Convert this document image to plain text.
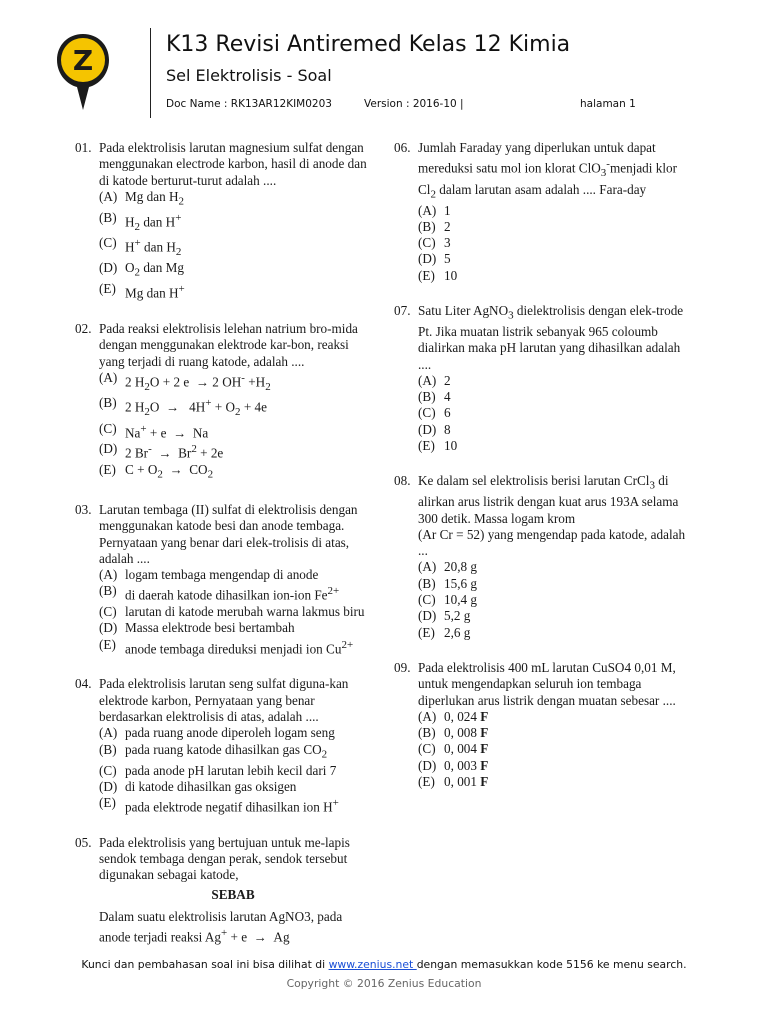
Z	K13 Revisi Antiremed Kelas 12 Kimia
Sel Elektrolisis - Soal
Doc Name : RK13AR12KIM0203	Version : 2016-10 |	halaman 1
01. Pada elektrolisis larutan magnesium sulfat dengan menggunakan electrode karbon, hasil di anode dan di katode berturut-turut adalah ....
(A) Mg dan $H_2$
(B) $H_2$ dan H+
(C) H+ dan $H_2$
(D) $O_2$ dan Mg
(E) Mg dan H+
02. Pada reaksi elektrolisis lelehan natrium bro-mida dengan menggunakan elektrode kar-bon, reaksi yang terjadi di ruang katode, adalah ....
(A) 2 $H_2O + 2$ e  → 2 $OH^- +H_2$
(B) 2 $H_2O \to 4H^+ + O_2 + 4e$
(C) Na+ + e  →  Na
(D) 2 $Br^- \to Br^2 + 2e$
(E) $C + O_2 \to CO_2$
03. Larutan tembaga (II) sulfat di elektrolisis dengan menggunakan katode besi dan anode tembaga. Pernyataan yang benar dari elek-trolisis di atas, adalah ....
(A) logam tembaga mengendap di anode
(B) di daerah katode dihasilkan ion-ion $Fe^{2+}$
(C) larutan di katode merubah warna lakmus biru
(D) Massa elektrode besi bertambah
(E) anode tembaga direduksi menjadi ion $Cu^{2+}$
04. Pada elektrolisis larutan seng sulfat diguna-kan elektrode karbon, Pernyataan yang benar berdasarkan elektrolisis di atas, adalah ....
(A) pada ruang anode diperoleh logam seng
(B) pada ruang katode dihasilkan gas $CO_2$
(C) pada anode pH larutan lebih kecil dari 7
(D) di katode dihasilkan gas oksigen
(E) pada elektrode negatif dihasilkan ion H+
05. Pada elektrolisis yang bertujuan untuk me-lapis sendok tembaga dengan perak, sendok tersebut digunakan sebagai katode,
SEBAB
Dalam suatu elektrolisis larutan AgNO3, pada anode terjadi reaksi Ag+ + e  →  Ag
06. Jumlah Faraday yang diperlukan untuk dapat mereduksi satu mol ion klorat ClO$_3$-menjadi klor $Cl_2$ dalam larutan asam adalah .... Fara-day
(A) 1
(B) 2
(C) 3
(D) 5
(E) 10
07. Satu Liter AgNO$_3$ dielektrolisis dengan elek-trode Pt. Jika muatan listrik sebanyak 965 coloumb dialirkan maka pH larutan yang dihasilkan adalah ....
(A) 2
(B) 4
(C) 6
(D) 8
(E) 10
08. Ke dalam sel elektrolisis berisi larutan CrCl$_3$ di alirkan arus listrik dengan kuat arus 193A selama 300 detik. Massa logam krom
(Ar Cr = 52) yang mengendap pada katode, adalah ...
(A) 20,8 g
(B) 15,6 g
(C) 10,4 g
(D) 5,2 g
(E) 2,6 g
09. Pada elektrolisis 400 mL larutan CuSO4 0,01 M, untuk mengendapkan seluruh ion tembaga diperlukan arus listrik dengan muatan sebesar ....
(A) 0, 024 F
(B) 0, 008 F
(C) 0, 004 F
(D) 0, 003 F
(E) 0, 001 F
Kunci dan pembahasan soal ini bisa dilihat di www.zenius.net dengan memasukkan kode 5156 ke menu search.
Copyright © 2016 Zenius Education
